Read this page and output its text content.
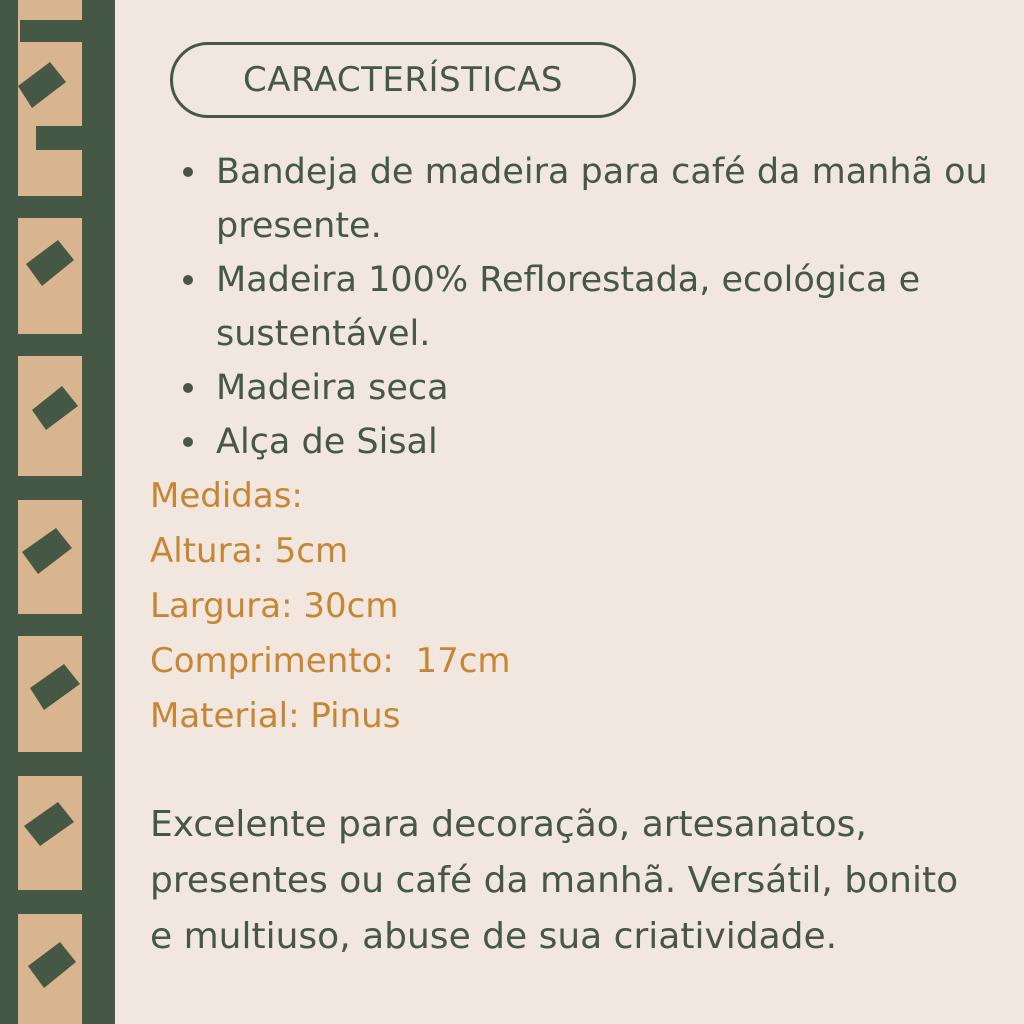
CARACTERÍSTICAS
Bandeja de madeira para café da manhã ou presente.
Madeira 100% Reflorestada, ecológica e sustentável.
Madeira seca
Alça de Sisal
Medidas:
Altura: 5cm
Largura: 30cm
Comprimento:  17cm
Material: Pinus
Excelente para decoração, artesanatos, presentes ou café da manhã. Versátil, bonito e multiuso, abuse de sua criatividade.
